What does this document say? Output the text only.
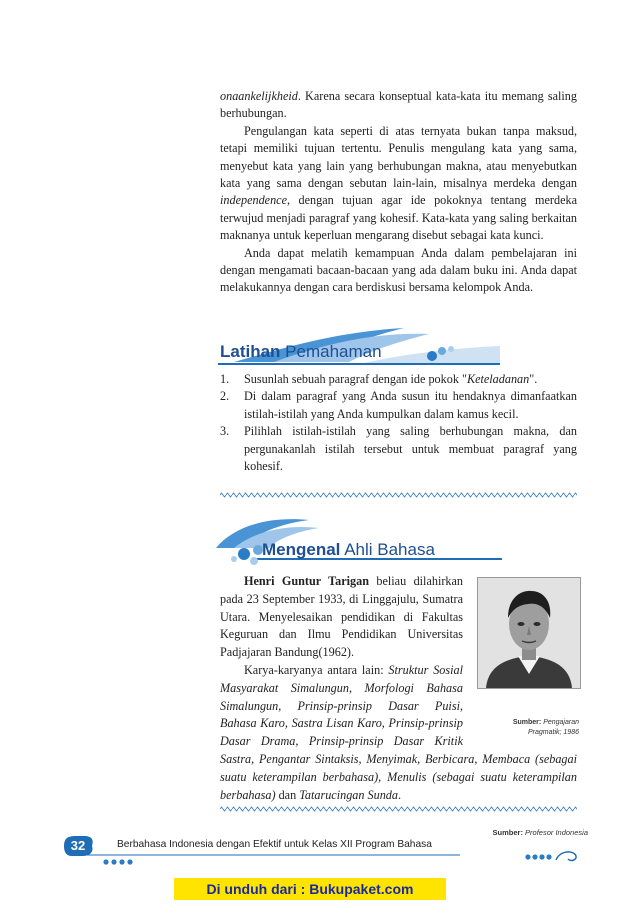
onaankelijkheid. Karena secara konseptual kata-kata itu memang saling berhubungan.

Pengulangan kata seperti di atas ternyata bukan tanpa maksud, tetapi memiliki tujuan tertentu. Penulis mengulang kata yang sama, menyebut kata yang lain yang berhubungan makna, atau menyebutkan kata yang sama dengan sebutan lain-lain, misalnya merdeka dengan independence, dengan tujuan agar ide pokoknya tentang merdeka terwujud menjadi paragraf yang kohesif. Kata-kata yang saling berkaitan maknanya untuk keperluan mengarang disebut sebagai kata kunci.

Anda dapat melatih kemampuan Anda dalam pembelajaran ini dengan mengamati bacaan-bacaan yang ada dalam buku ini. Anda dapat melakukannya dengan cara berdiskusi bersama kelompok Anda.

Latihan Pemahaman
1. Susunlah sebuah paragraf dengan ide pokok "Keteladanan".
2. Di dalam paragraf yang Anda susun itu hendaknya dimanfaatkan istilah-istilah yang Anda kumpulkan dalam kamus kecil.
3. Pilihlah istilah-istilah yang saling berhubungan makna, dan pergunakanlah istilah tersebut untuk membuat paragraf yang kohesif.
Mengenal Ahli Bahasa

Henri Guntur Tarigan beliau dilahirkan pada 23 September 1933, di Linggajulu, Sumatra Utara. Menyelesaikan pendidikan di Fakultas Keguruan dan Ilmu Pendidikan Universitas Padjajaran Bandung(1962).

Karya-karyanya antara lain: Struktur Sosial Masyarakat Simalungun, Morfologi Bahasa Simalungun, Prinsip-prinsip Dasar Puisi, Bahasa Karo, Sastra Lisan Karo, Prinsip-prinsip Dasar Drama, Prinsip-prinsip Dasar Kritik Sastra, Pengantar Sintaksis, Menyimak, Berbicara, Membaca (sebagai suatu keterampilan berbahasa), Menulis (sebagai suatu keterampilan berbahasa) dan Tatarucingan Sunda.

Sumber: Pengajaran Pragmatik; 1986
Sumber: Profesor Indonesia
32	Berbahasa Indonesia dengan Efektif untuk Kelas XII Program Bahasa
Di unduh dari : Bukupaket.com
